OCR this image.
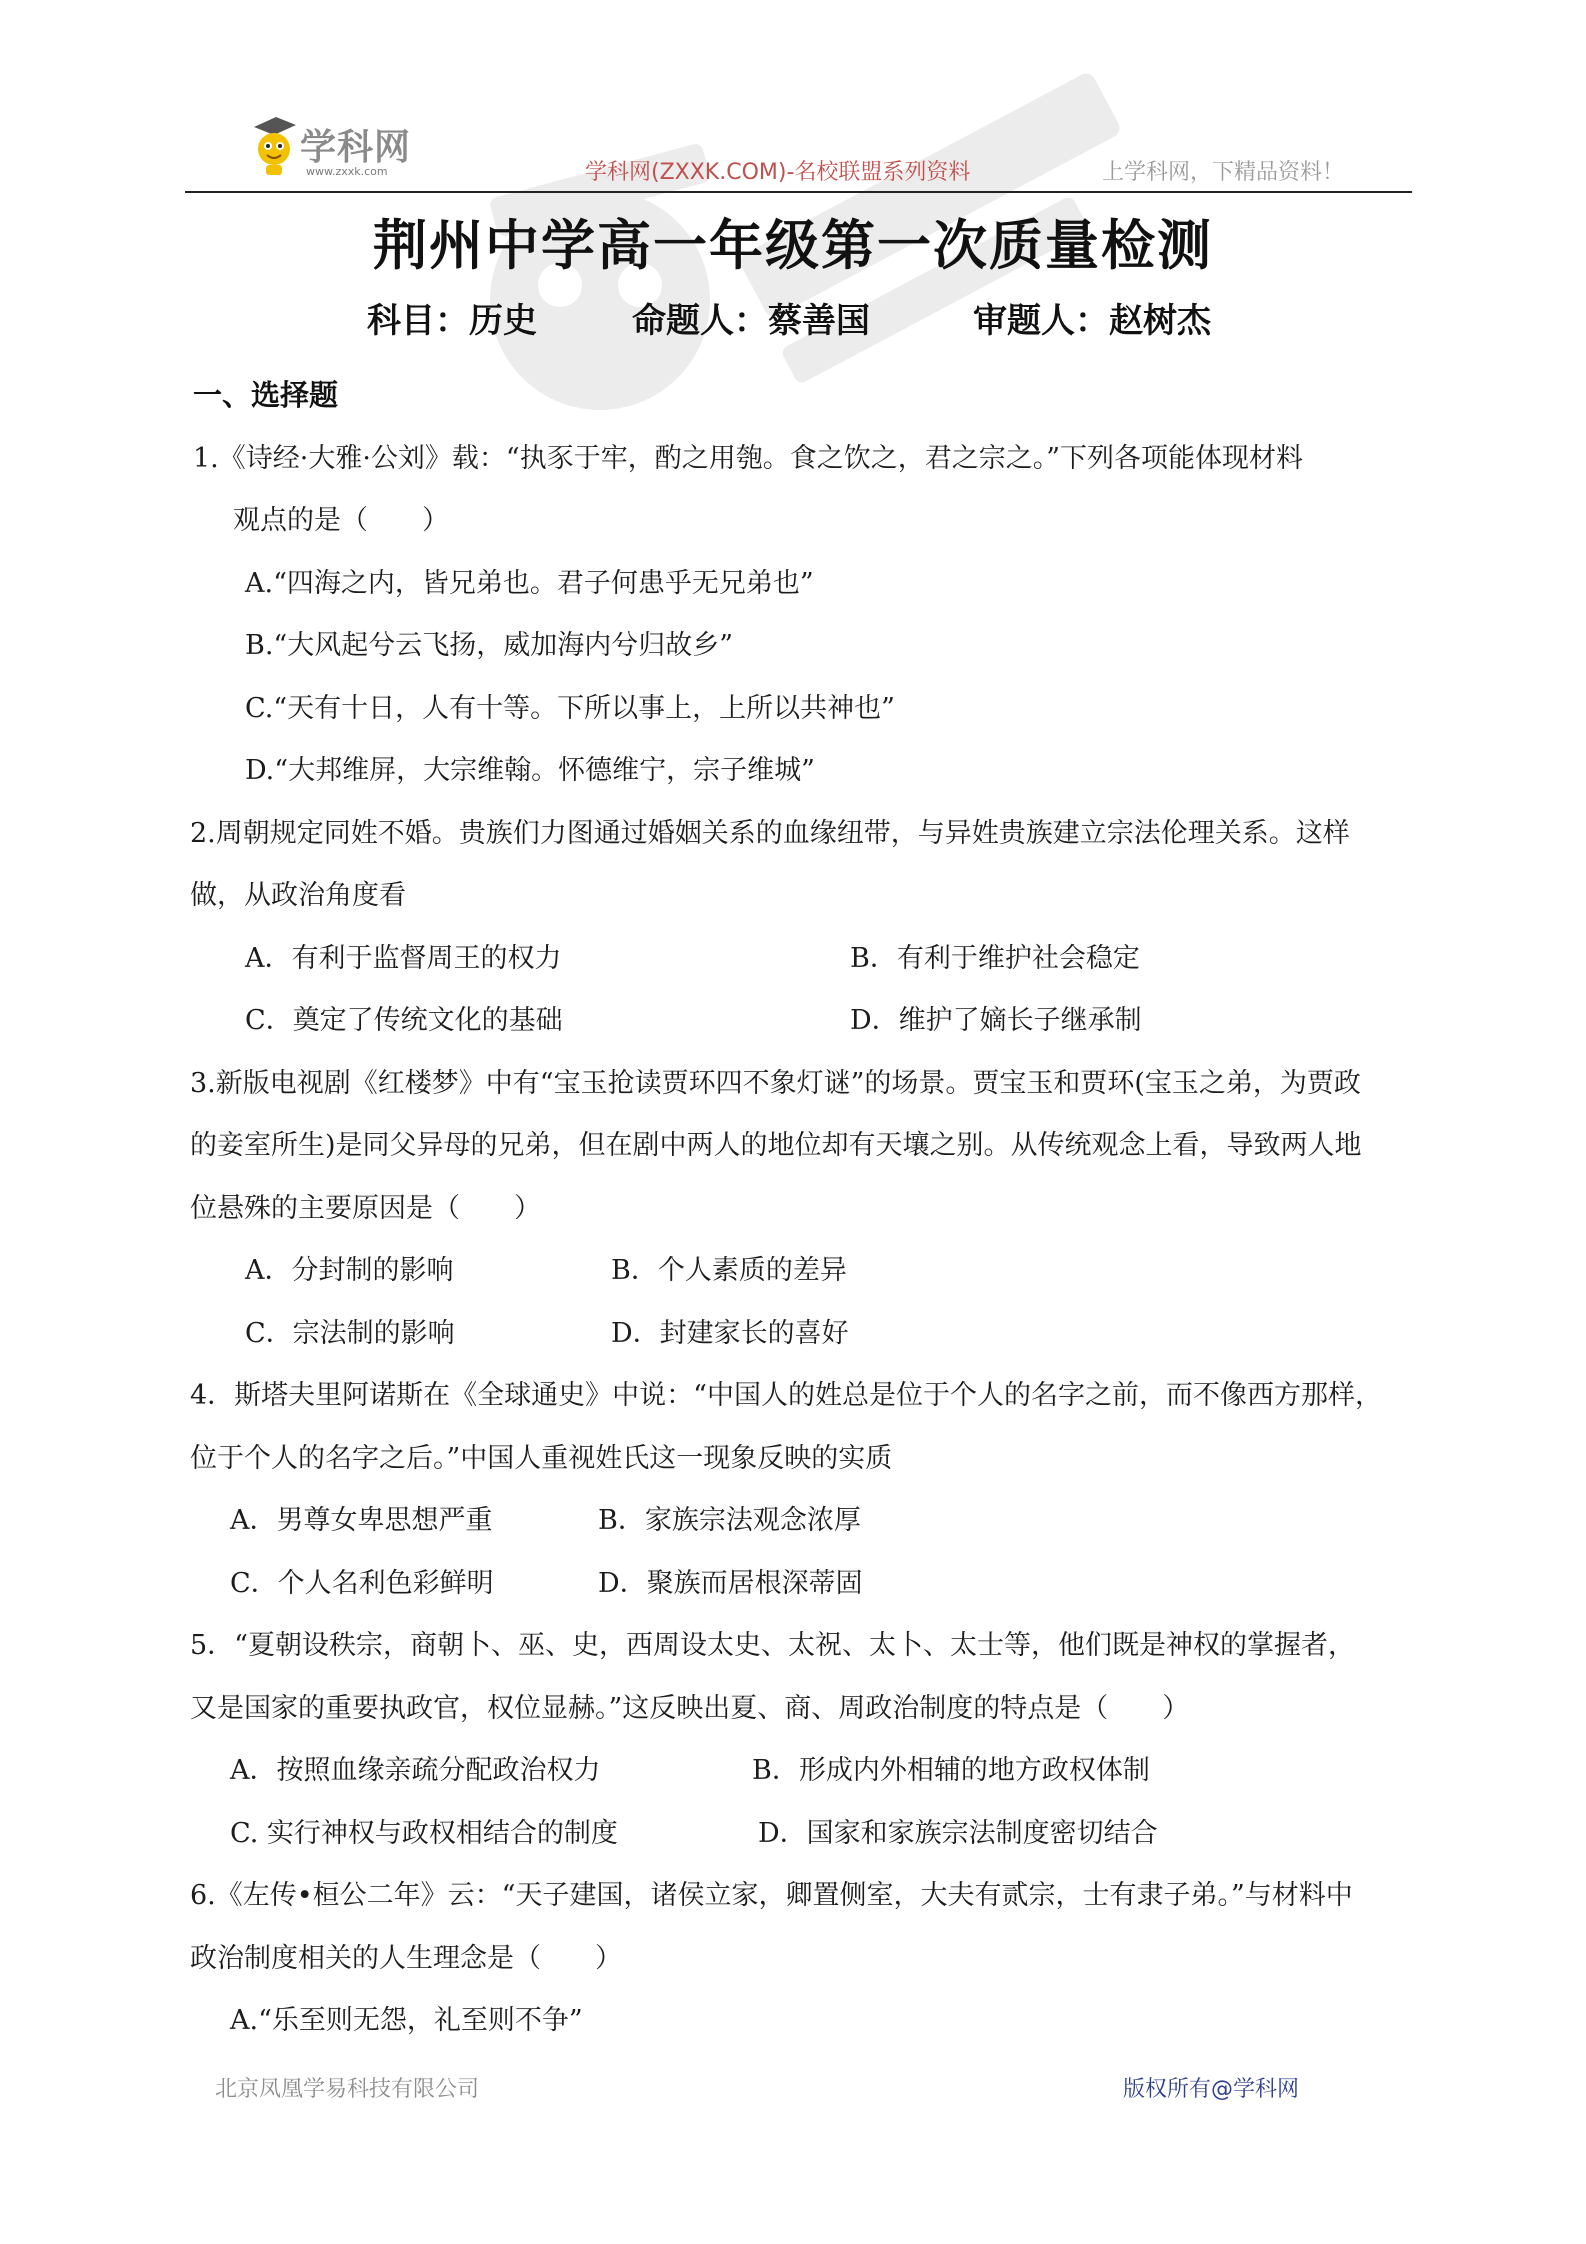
学科网
www.zxxk.com	学科网(ZXXK.COM)-名校联盟系列资料	上学科网，下精品资料！
荆州中学高一年级第一次质量检测
科目：历史	命题人：蔡善国	审题人：赵树杰
一、选择题
1.《诗经·大雅·公刘》载：“执豕于牢，酌之用匏。食之饮之，君之宗之。”下列各项能体现材料
观点的是（　　）
A.“四海之内，皆兄弟也。君子何患乎无兄弟也”
B.“大风起兮云飞扬，威加海内兮归故乡”
C.“天有十日，人有十等。下所以事上，上所以共神也”
D.“大邦维屏，大宗维翰。怀德维宁，宗子维城”
2.周朝规定同姓不婚。贵族们力图通过婚姻关系的血缘纽带，与异姓贵族建立宗法伦理关系。这样
做，从政治角度看
A．有利于监督周王的权力	B．有利于维护社会稳定
C．奠定了传统文化的基础	D．维护了嫡长子继承制
3.新版电视剧《红楼梦》中有“宝玉抢读贾环四不象灯谜”的场景。贾宝玉和贾环(宝玉之弟，为贾政
的妾室所生)是同父异母的兄弟，但在剧中两人的地位却有天壤之别。从传统观念上看，导致两人地
位悬殊的主要原因是（　　）
A．分封制的影响	B．个人素质的差异
C．宗法制的影响	D．封建家长的喜好
4．斯塔夫里阿诺斯在《全球通史》中说：“中国人的姓总是位于个人的名字之前，而不像西方那样，
位于个人的名字之后。”中国人重视姓氏这一现象反映的实质
A．男尊女卑思想严重	B．家族宗法观念浓厚
C．个人名利色彩鲜明	D．聚族而居根深蒂固
5．“夏朝设秩宗，商朝卜、巫、史，西周设太史、太祝、太卜、太士等，他们既是神权的掌握者，
又是国家的重要执政官，权位显赫。”这反映出夏、商、周政治制度的特点是（　　）
A．按照血缘亲疏分配政治权力	B．形成内外相辅的地方政权体制
C. 实行神权与政权相结合的制度	D．国家和家族宗法制度密切结合
6.《左传•桓公二年》云：“天子建国，诸侯立家，卿置侧室，大夫有贰宗，士有隶子弟。”与材料中
政治制度相关的人生理念是（　　）
A.“乐至则无怨，礼至则不争”
北京凤凰学易科技有限公司	版权所有@学科网
